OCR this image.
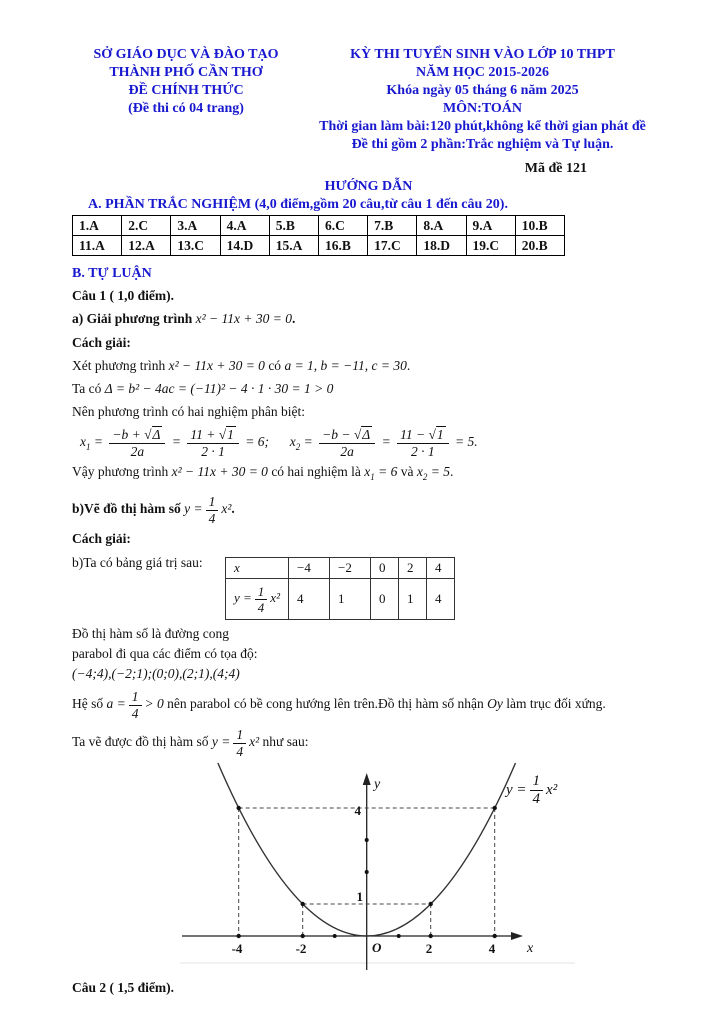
SỞ GIÁO DỤC VÀ ĐÀO TẠO

THÀNH PHỐ CẦN THƠ

ĐỀ CHÍNH THỨC

(Đề thi có 04 trang)

KỲ THI TUYỂN SINH VÀO LỚP 10 THPT

NĂM HỌC 2015-2026

Khóa ngày 05 tháng 6 năm 2025

MÔN:TOÁN

Thời gian làm bài:120 phút,không kể thời gian phát đề

Đề thi gồm 2 phần:Trắc nghiệm và Tự luận.

Mã đề 121
HƯỚNG DẪN
A. PHẦN TRẮC NGHIỆM (4,0 điểm,gồm 20 câu,từ câu 1 đến câu 20).
1.A	2.C	3.A	4.A	5.B	6.C	7.B	8.A	9.A	10.B
11.A	12.A	13.C	14.D	15.A	16.B	17.C	18.D	19.C	20.B
B. TỰ LUẬN

Câu 1 ( 1,0 điểm).

a) Giải phương trình x² − 11x + 30 = 0.

Cách giải:

Xét phương trình x² − 11x + 30 = 0 có a = 1, b = −11, c = 30.

Ta có Δ = b² − 4ac = (−11)² − 4 · 1 · 30 = 1 > 0

Nên phương trình có hai nghiệm phân biệt:

$x_1 = \frac{-b + √\Delta}{2a} = \frac{11 + √1}{2 \cdot 1} = 6$; $x_2 = \frac{-b - √\Delta}{2a} = \frac{11 - √1}{2 \cdot 1} = 5$.

Vậy phương trình x² − 11x + 30 = 0 có hai nghiệm là $x_1 = 6$ và $x_2 = 5$.

b)Vẽ đồ thị hàm số $y = \frac{1}{4} x^2$.

Cách giải:

b)Ta có bảng giá trị sau:	x	−4	−2	0	2	4
$y = \frac{1}{4} x^2$	4	1	0	1	4

Đồ thị hàm số là đường cong

parabol đi qua các điểm có tọa độ:

(−4;4),(−2;1);(0;0),(2;1),(4;4)

Hệ số $a = \frac{1}{4} > 0$ nên parabol có bề cong hướng lên trên.Đồ thị hàm số nhận Oy làm trục đối xứng.

Ta vẽ được đồ thị hàm số $y = \frac{1}{4} x^2$ như sau:

-4	-2	2	4
O	x
y
4
1
$y = \frac{1}{4} x^2$

Câu 2 ( 1,5 điểm).
